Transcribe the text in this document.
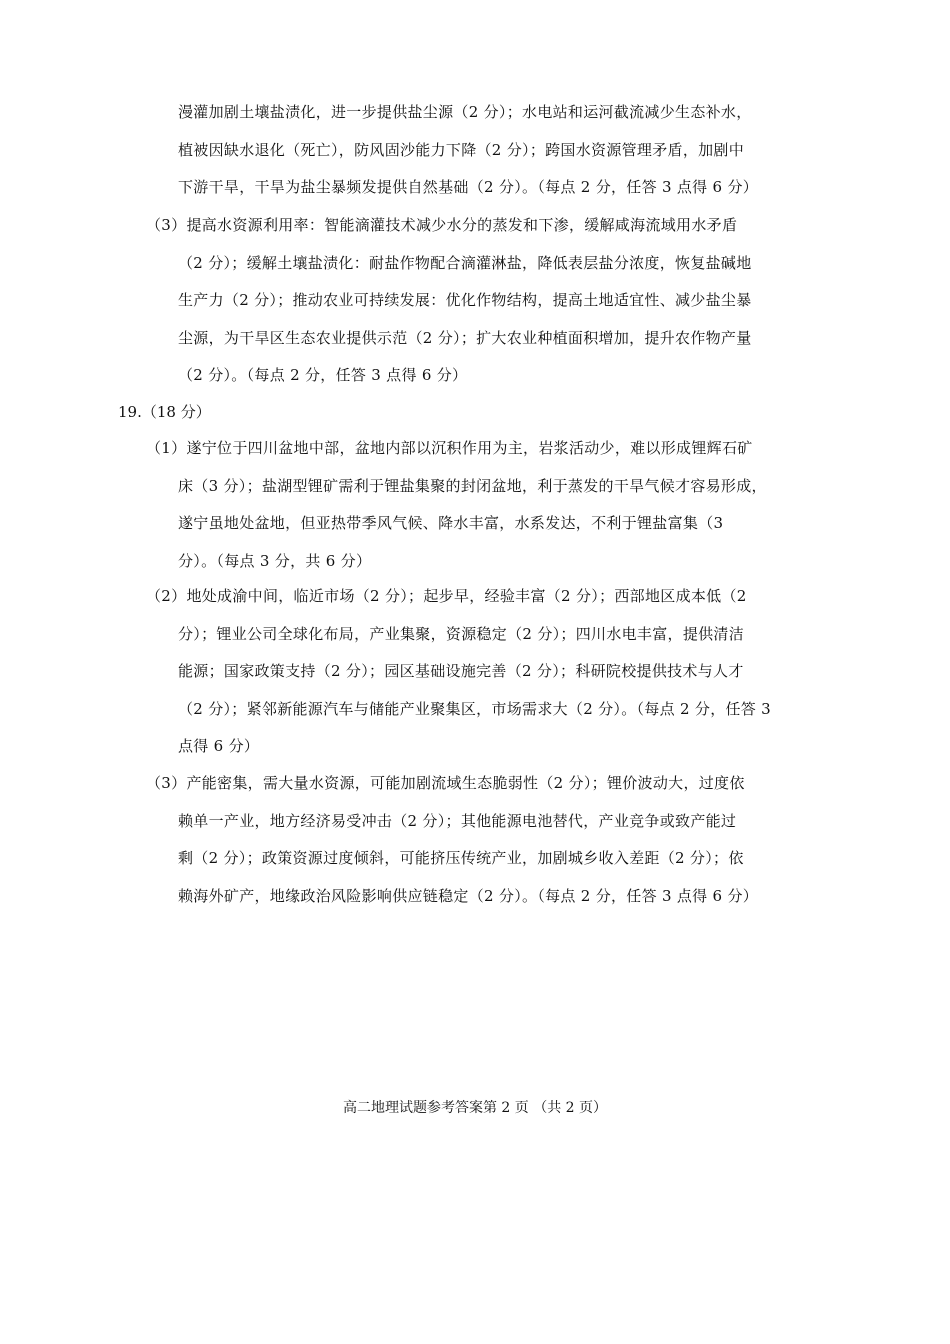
漫灌加剧土壤盐渍化，进一步提供盐尘源（2 分）；水电站和运河截流减少生态补水，
植被因缺水退化（死亡），防风固沙能力下降（2 分）；跨国水资源管理矛盾，加剧中
下游干旱，干旱为盐尘暴频发提供自然基础（2 分）。（每点 2 分，任答 3 点得 6 分）
（3）提高水资源利用率：智能滴灌技术减少水分的蒸发和下渗，缓解咸海流域用水矛盾
（2 分）；缓解土壤盐渍化：耐盐作物配合滴灌淋盐，降低表层盐分浓度，恢复盐碱地
生产力（2 分）；推动农业可持续发展：优化作物结构，提高土地适宜性、减少盐尘暴
尘源，为干旱区生态农业提供示范（2 分）；扩大农业种植面积增加，提升农作物产量
（2 分）。（每点 2 分，任答 3 点得 6 分）
19.（18 分）
（1）遂宁位于四川盆地中部，盆地内部以沉积作用为主，岩浆活动少，难以形成锂辉石矿
床（3 分）；盐湖型锂矿需利于锂盐集聚的封闭盆地，利于蒸发的干旱气候才容易形成，
遂宁虽地处盆地，但亚热带季风气候、降水丰富，水系发达，不利于锂盐富集（3
分）。（每点 3 分，共 6 分）
（2）地处成渝中间，临近市场（2 分）；起步早，经验丰富（2 分）；西部地区成本低（2
分）；锂业公司全球化布局，产业集聚，资源稳定（2 分）；四川水电丰富，提供清洁
能源；国家政策支持（2 分）；园区基础设施完善（2 分）；科研院校提供技术与人才
（2 分）；紧邻新能源汽车与储能产业聚集区，市场需求大（2 分）。（每点 2 分，任答 3
点得 6 分）
（3）产能密集，需大量水资源，可能加剧流域生态脆弱性（2 分）；锂价波动大，过度依
赖单一产业，地方经济易受冲击（2 分）；其他能源电池替代，产业竞争或致产能过
剩（2 分）；政策资源过度倾斜，可能挤压传统产业，加剧城乡收入差距（2 分）；依
赖海外矿产，地缘政治风险影响供应链稳定（2 分）。（每点 2 分，任答 3 点得 6 分）
高二地理试题参考答案第 2 页 （共 2 页）
